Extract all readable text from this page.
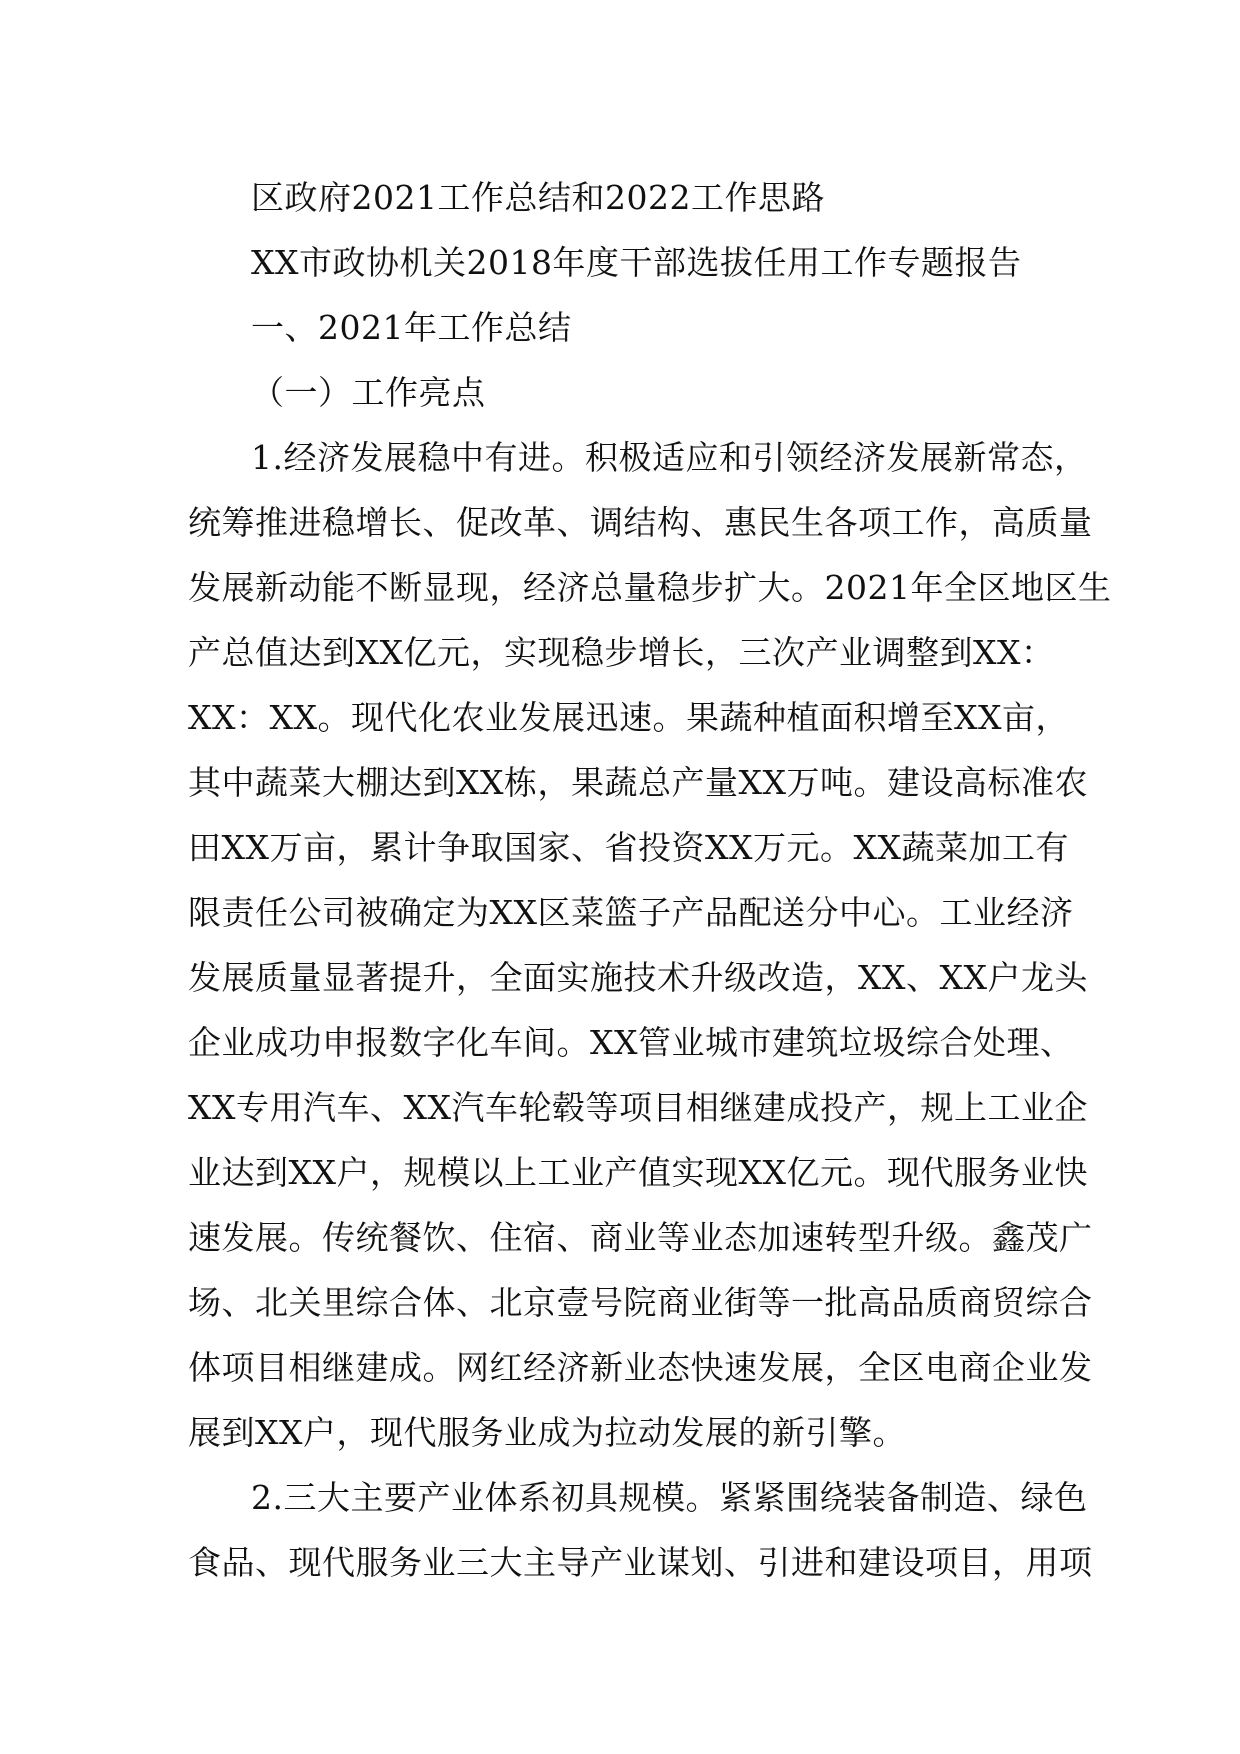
区政府2021工作总结和2022工作思路
XX市政协机关2018年度干部选拔任用工作专题报告
一、2021年工作总结
（一）工作亮点
1.经济发展稳中有进。积极适应和引领经济发展新常态，
统筹推进稳增长、促改革、调结构、惠民生各项工作，高质量
发展新动能不断显现，经济总量稳步扩大。2021年全区地区生
产总值达到XX亿元，实现稳步增长，三次产业调整到XX：
XX：XX。现代化农业发展迅速。果蔬种植面积增至XX亩，
其中蔬菜大棚达到XX栋，果蔬总产量XX万吨。建设高标准农
田XX万亩，累计争取国家、省投资XX万元。XX蔬菜加工有
限责任公司被确定为XX区菜篮子产品配送分中心。工业经济
发展质量显著提升，全面实施技术升级改造，XX、XX户龙头
企业成功申报数字化车间。XX管业城市建筑垃圾综合处理、
XX专用汽车、XX汽车轮毂等项目相继建成投产，规上工业企
业达到XX户，规模以上工业产值实现XX亿元。现代服务业快
速发展。传统餐饮、住宿、商业等业态加速转型升级。鑫茂广
场、北关里综合体、北京壹号院商业街等一批高品质商贸综合
体项目相继建成。网红经济新业态快速发展，全区电商企业发
展到XX户，现代服务业成为拉动发展的新引擎。
2.三大主要产业体系初具规模。紧紧围绕装备制造、绿色
食品、现代服务业三大主导产业谋划、引进和建设项目，用项
